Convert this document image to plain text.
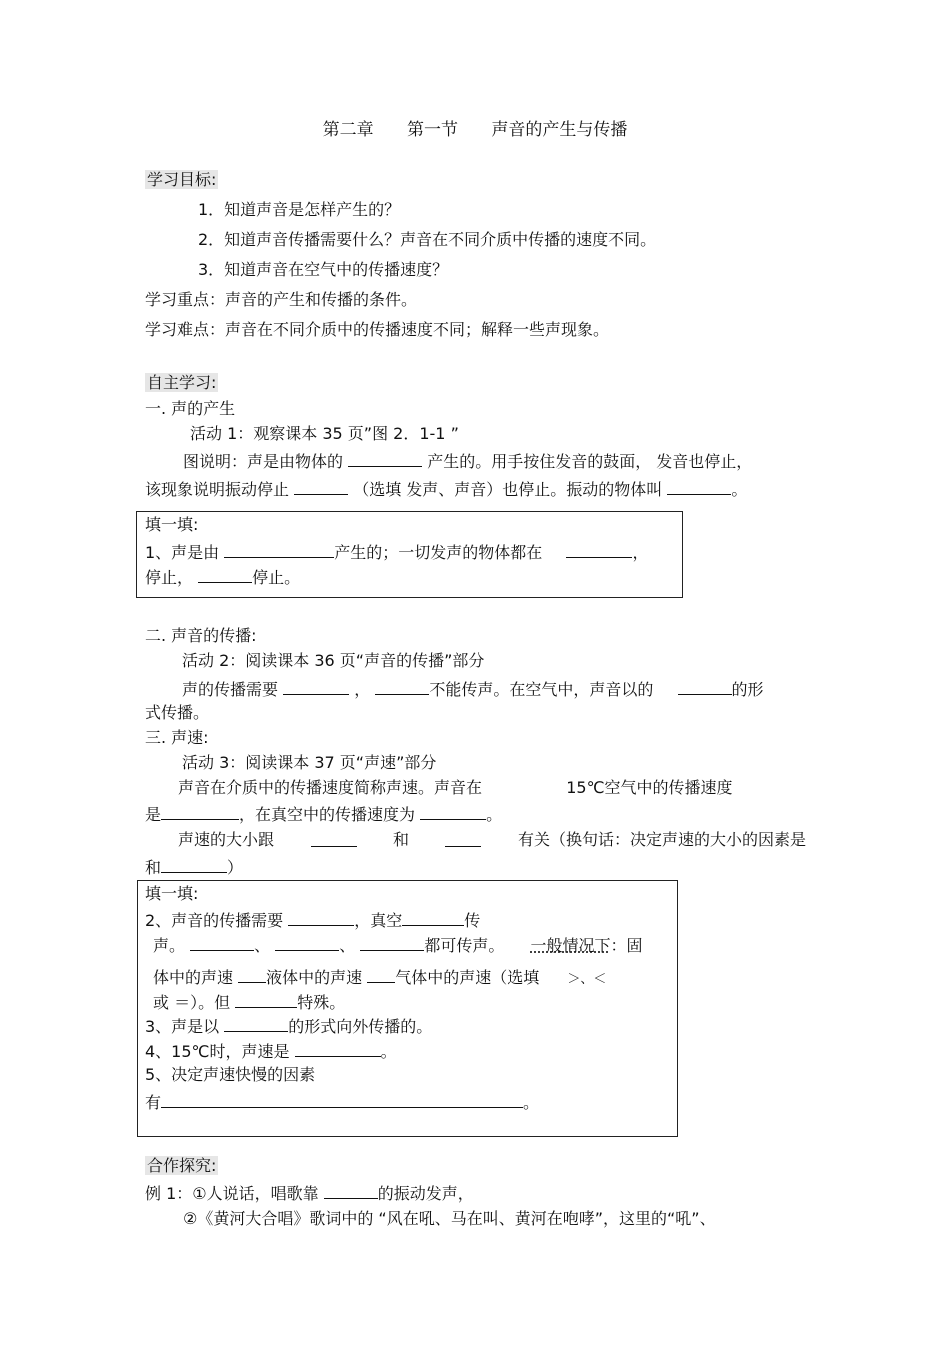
第二章 第一节 声音的产生与传播
学习目标:
1．知道声音是怎样产生的？
2．知道声音传播需要什么？声音在不同介质中传播的速度不同。
3．知道声音在空气中的传播速度？
学习重点：声音的产生和传播的条件。
学习难点：声音在不同介质中的传播速度不同；解释一些声现象。
自主学习:
一. 声的产生
活动 1：观察课本 35 页”图 2．1-1 ”
图说明：声是由物体的	产生的。用手按住发音的鼓面， 发音也停止，
该现象说明振动停止	（选填 发声、声音）也停止。振动的物体叫	。
填一填:
1、声是由	产生的；一切发声的物体都在	，
停止，	停止。
二. 声音的传播:
活动 2：阅读课本 36 页“声音的传播”部分
声的传播需要	，	不能传声。在空气中，声音以的	的形
式传播。
三. 声速:
活动 3：阅读课本 37 页“声速”部分
声音在介质中的传播速度简称声速。声音在	15℃空气中的传播速度
是	，在真空中的传播速度为	。
声速的大小跟	和	有关（换句话：决定声速的大小的因素是
和	）
填一填:
2、声音的传播需要	，真空	传
声。	、	、	都可传声。 一般情况下：固
体中的声速 液体中的声速 气体中的声速（选填 ＞、＜
或 ＝）。但	特殊。
3、声是以	的形式向外传播的。
4、15℃时，声速是	。
5、决定声速快慢的因素
有	。
合作探究:
例 1：①人说话，唱歌靠	的振动发声，
②《黄河大合唱》歌词中的 “风在吼、马在叫、黄河在咆哮”，这里的“吼”、
